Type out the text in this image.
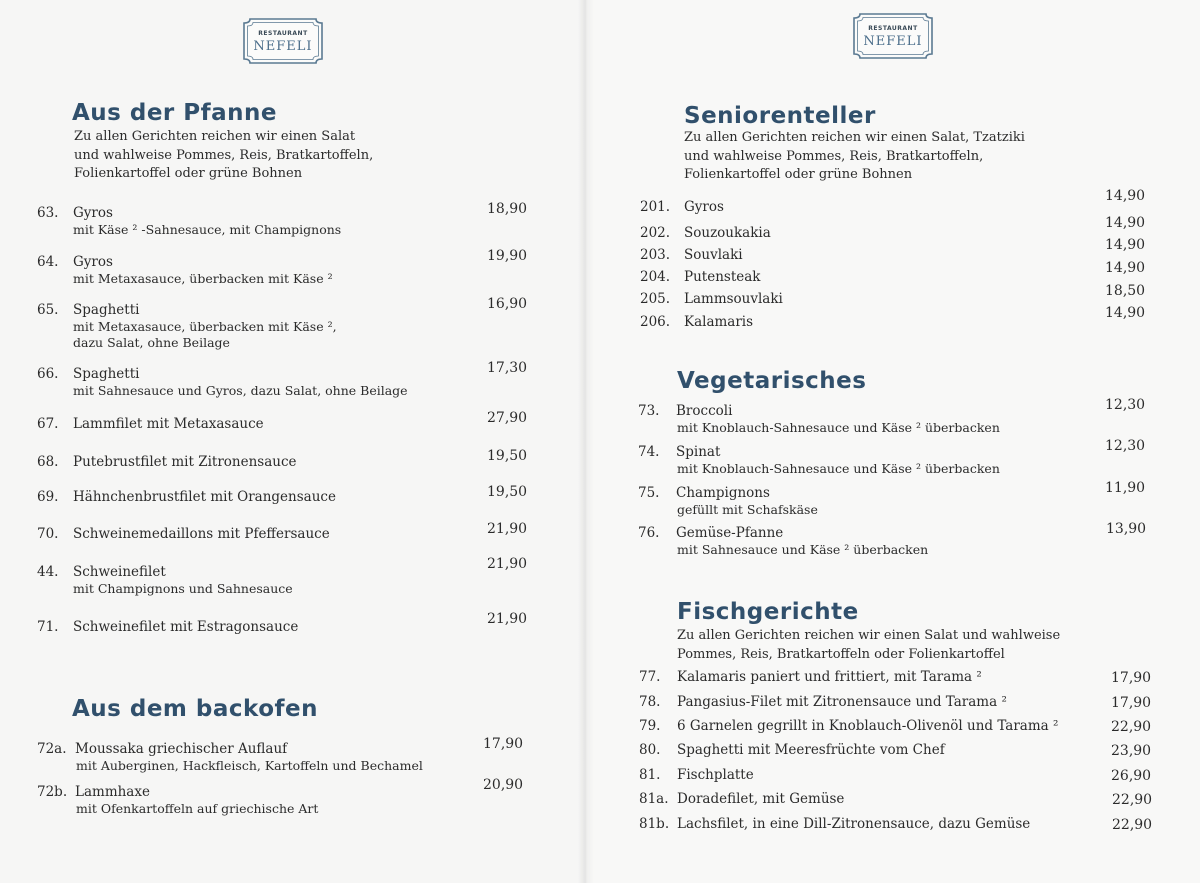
RESTAURANT
NEFELI
Aus der Pfanne
Zu allen Gerichten reichen wir einen Salat
und wahlweise Pommes, Reis, Bratkartoffeln,
Folienkartoffel oder grüne Bohnen
63. Gyros
mit Käse ² -Sahnesauce, mit Champignons
18,90
64. Gyros
mit Metaxasauce, überbacken mit Käse ²
19,90
65. Spaghetti
mit Metaxasauce, überbacken mit Käse ²,
dazu Salat, ohne Beilage
16,90
66. Spaghetti
mit Sahnesauce und Gyros, dazu Salat, ohne Beilage
17,30
67. Lammfilet mit Metaxasauce	27,90
68. Putebrustfilet mit Zitronensauce	19,50
69. Hähnchenbrustfilet mit Orangensauce	19,50
70. Schweinemedaillons mit Pfeffersauce	21,90
44. Schweinefilet
mit Champignons und Sahnesauce
21,90
71. Schweinefilet mit Estragonsauce	21,90
Aus dem backofen
72a. Moussaka griechischer Auflauf
mit Auberginen, Hackfleisch, Kartoffeln und Bechamel
17,90
72b. Lammhaxe
mit Ofenkartoffeln auf griechische Art
20,90
RESTAURANT
NEFELI
Seniorenteller
Zu allen Gerichten reichen wir einen Salat, Tzatziki
und wahlweise Pommes, Reis, Bratkartoffeln,
Folienkartoffel oder grüne Bohnen
201. Gyros
14,90
202. Souzoukakia
14,90
203. Souvlaki
14,90
204. Putensteak
14,90
205. Lammsouvlaki	18,50
206. Kalamaris
14,90
Vegetarisches
73. Broccoli
mit Knoblauch-Sahnesauce und Käse ² überbacken
12,30
74. Spinat
mit Knoblauch-Sahnesauce und Käse ² überbacken
12,30
75. Champignons
gefüllt mit Schafskäse
11,90
76. Gemüse-Pfanne
mit Sahnesauce und Käse ² überbacken
13,90
Fischgerichte
Zu allen Gerichten reichen wir einen Salat und wahlweise
Pommes, Reis, Bratkartoffeln oder Folienkartoffel
77. Kalamaris paniert und frittiert, mit Tarama ²	17,90
78. Pangasius-Filet mit Zitronensauce und Tarama ²	17,90
79. 6 Garnelen gegrillt in Knoblauch-Olivenöl und Tarama ²	22,90
80. Spaghetti mit Meeresfrüchte vom Chef	23,90
81. Fischplatte	26,90
81a. Doradefilet, mit Gemüse	22,90
81b. Lachsfilet, in eine Dill-Zitronensauce, dazu Gemüse	22,90
